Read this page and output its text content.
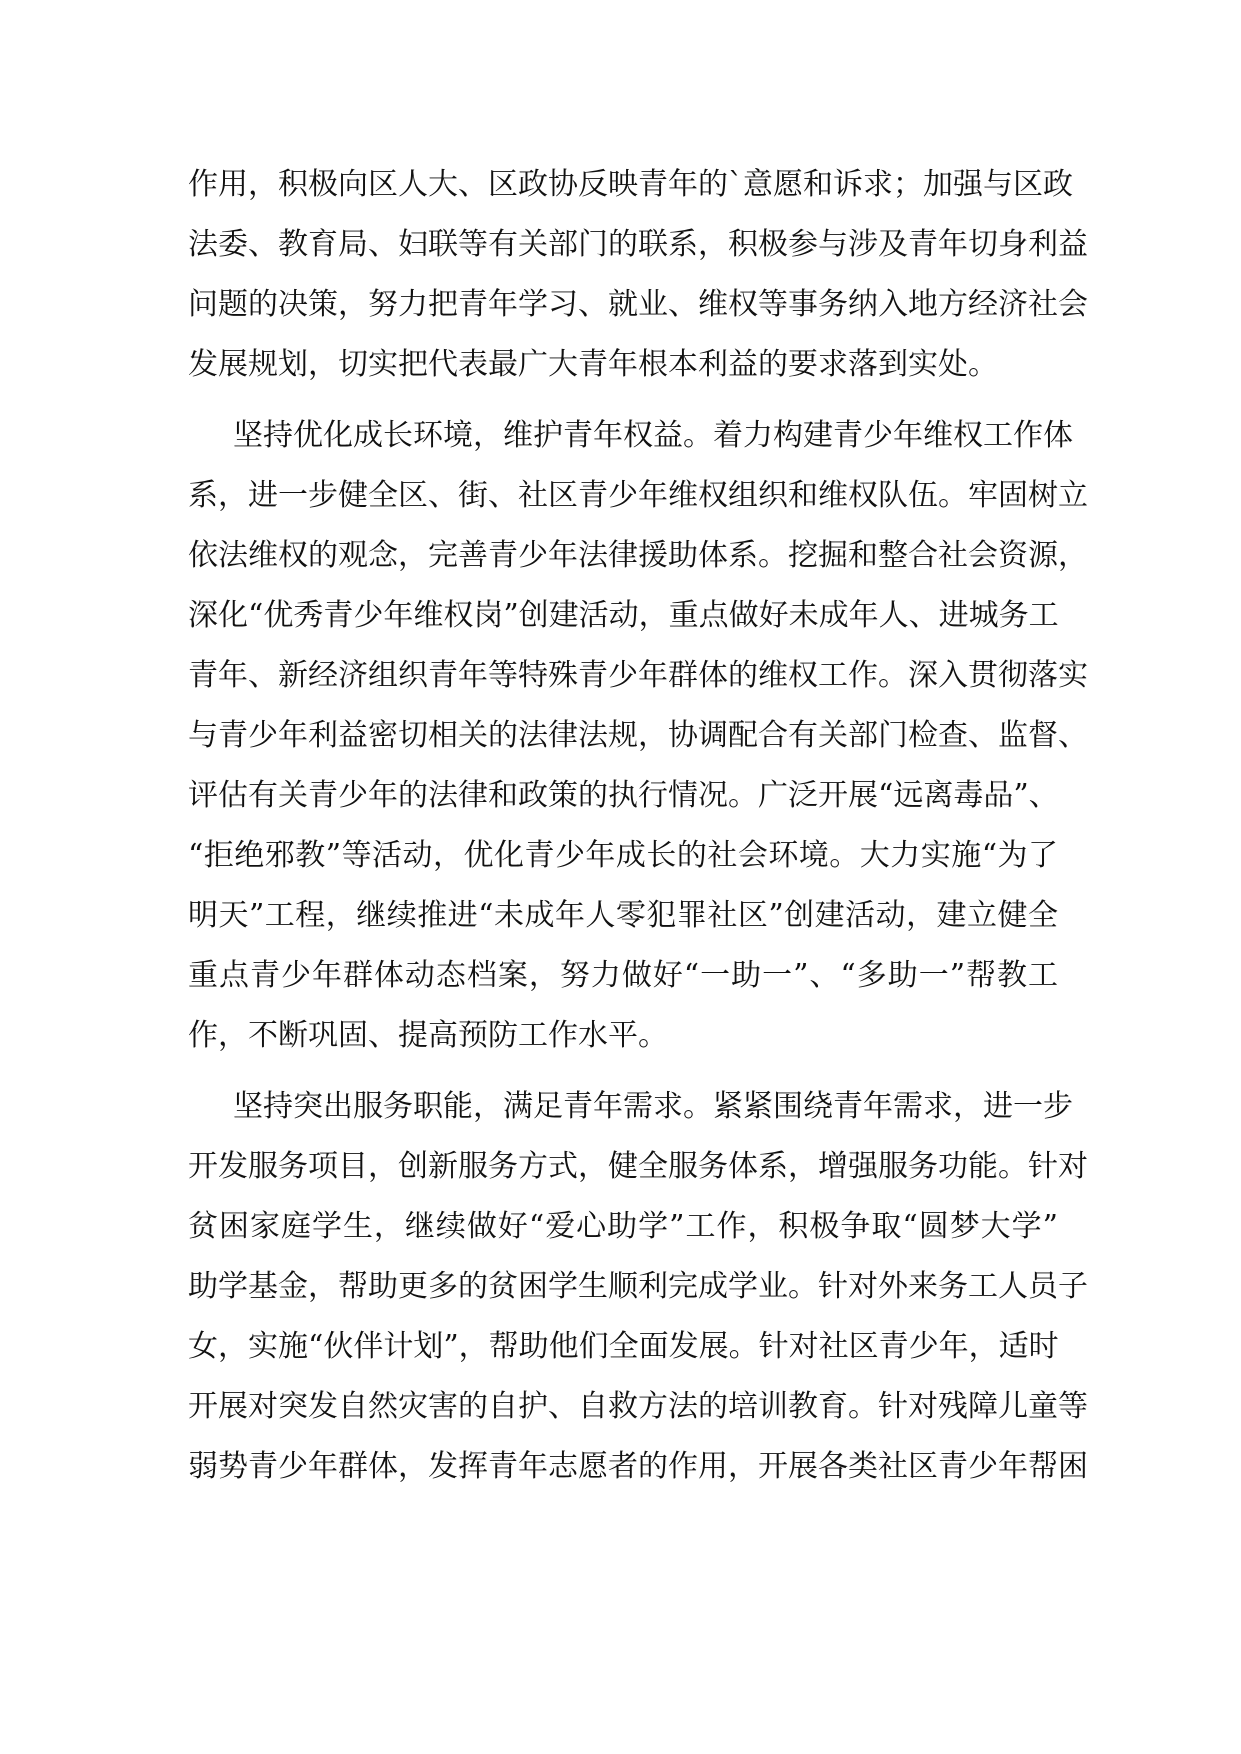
作用，积极向区人大、区政协反映青年的`意愿和诉求；加强与区政
法委、教育局、妇联等有关部门的联系，积极参与涉及青年切身利益
问题的决策，努力把青年学习、就业、维权等事务纳入地方经济社会
发展规划，切实把代表最广大青年根本利益的要求落到实处。
坚持优化成长环境，维护青年权益。着力构建青少年维权工作体
系，进一步健全区、街、社区青少年维权组织和维权队伍。牢固树立
依法维权的观念，完善青少年法律援助体系。挖掘和整合社会资源，
深化“优秀青少年维权岗”创建活动，重点做好未成年人、进城务工
青年、新经济组织青年等特殊青少年群体的维权工作。深入贯彻落实
与青少年利益密切相关的法律法规，协调配合有关部门检查、监督、
评估有关青少年的法律和政策的执行情况。广泛开展“远离毒品”、
“拒绝邪教”等活动，优化青少年成长的社会环境。大力实施“为了
明天”工程，继续推进“未成年人零犯罪社区”创建活动，建立健全
重点青少年群体动态档案，努力做好“一助一”、“多助一”帮教工
作，不断巩固、提高预防工作水平。
坚持突出服务职能，满足青年需求。紧紧围绕青年需求，进一步
开发服务项目，创新服务方式，健全服务体系，增强服务功能。针对
贫困家庭学生，继续做好“爱心助学”工作，积极争取“圆梦大学”
助学基金，帮助更多的贫困学生顺利完成学业。针对外来务工人员子
女，实施“伙伴计划”，帮助他们全面发展。针对社区青少年，适时
开展对突发自然灾害的自护、自救方法的培训教育。针对残障儿童等
弱势青少年群体，发挥青年志愿者的作用，开展各类社区青少年帮困
